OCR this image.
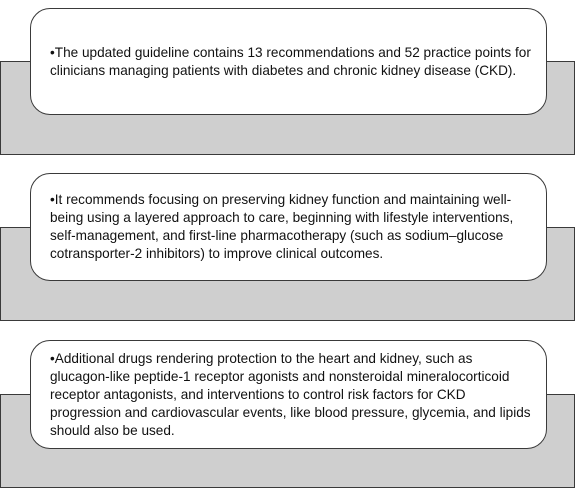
•The updated guideline contains 13 recommendations and 52 practice points for clinicians managing patients with diabetes and chronic kidney disease (CKD).

•It recommends focusing on preserving kidney function and maintaining well-being using a layered approach to care, beginning with lifestyle interventions, self-management, and first-line pharmacotherapy (such as sodium–glucose cotransporter-2 inhibitors) to improve clinical outcomes.

•Additional drugs rendering protection to the heart and kidney, such as glucagon-like peptide-1 receptor agonists and nonsteroidal mineralocorticoid receptor antagonists, and interventions to control risk factors for CKD progression and cardiovascular events, like blood pressure, glycemia, and lipids should also be used.
